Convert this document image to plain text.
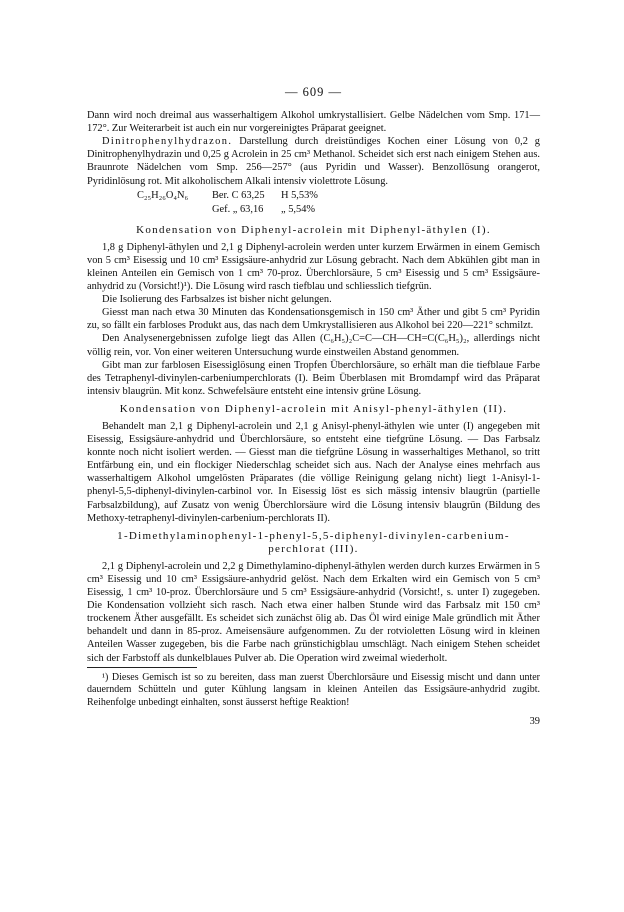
— 609 —

Dann wird noch dreimal aus wasserhaltigem Alkohol umkrystallisiert. Gelbe Nädelchen vom Smp. 171—172°. Zur Weiterarbeit ist auch ein nur vorgereinigtes Präparat geeignet.

Dinitrophenylhydrazon. Darstellung durch dreistündiges Kochen einer Lösung von 0,2 g Dinitrophenylhydrazin und 0,25 g Acrolein in 25 cm³ Methanol. Scheidet sich erst nach einigem Stehen aus. Braunrote Nädelchen vom Smp. 256—257° (aus Pyridin und Wasser). Benzollösung orangerot, Pyridinlösung rot. Mit alkoholischem Alkali intensiv violettrote Lösung.

C₂₅H₂₆O₄N₆ Ber. C 63,25 H 5,53%
Gef. „ 63,16 „ 5,54%
Kondensation von Diphenyl-acrolein mit Diphenyl-äthylen (I).

1,8 g Diphenyl-äthylen und 2,1 g Diphenyl-acrolein werden unter kurzem Erwärmen in einem Gemisch von 5 cm³ Eisessig und 10 cm³ Essigsäure-anhydrid zur Lösung gebracht. Nach dem Abkühlen gibt man in kleinen Anteilen ein Gemisch von 1 cm³ 70-proz. Überchlorsäure, 5 cm³ Eisessig und 5 cm³ Essigsäure-anhydrid zu (Vorsicht!)¹). Die Lösung wird rasch tiefblau und schliesslich tiefgrün.

Die Isolierung des Farbsalzes ist bisher nicht gelungen.

Giesst man nach etwa 30 Minuten das Kondensationsgemisch in 150 cm³ Äther und gibt 5 cm³ Pyridin zu, so fällt ein farbloses Produkt aus, das nach dem Umkrystallisieren aus Alkohol bei 220—221° schmilzt.

Den Analysenergebnissen zufolge liegt das Allen (C₆H₅)₂C=C—CH—CH=C(C₆H₅)₂, allerdings nicht völlig rein, vor. Von einer weiteren Untersuchung wurde einstweilen Abstand genommen.

Gibt man zur farblosen Eisessiglösung einen Tropfen Überchlorsäure, so erhält man die tiefblaue Farbe des Tetraphenyl-divinylen-carbeniumperchlorats (I). Beim Überblasen mit Bromdampf wird das Präparat intensiv blaugrün. Mit konz. Schwefelsäure entsteht eine intensiv grüne Lösung.

Kondensation von Diphenyl-acrolein mit Anisyl-phenyl-äthylen (II).

Behandelt man 2,1 g Diphenyl-acrolein und 2,1 g Anisyl-phenyl-äthylen wie unter (I) angegeben mit Eisessig, Essigsäure-anhydrid und Überchlorsäure, so entsteht eine tiefgrüne Lösung. — Das Farbsalz konnte noch nicht isoliert werden. — Giesst man die tiefgrüne Lösung in wasserhaltiges Methanol, so tritt Entfärbung ein, und ein flockiger Niederschlag scheidet sich aus. Nach der Analyse eines mehrfach aus wasserhaltigem Alkohol umgelösten Präparates (die völlige Reinigung gelang nicht) liegt 1-Anisyl-1-phenyl-5,5-diphenyl-divinylen-carbinol vor. In Eisessig löst es sich mässig intensiv blaugrün (partielle Farbsalzbildung), auf Zusatz von wenig Überchlorsäure wird die Lösung intensiv blaugrün (Bildung des Methoxy-tetraphenyl-divinylen-carbenium-perchlorats II).

1-Dimethylaminophenyl-1-phenyl-5,5-diphenyl-divinylen-carbenium-
perchlorat (III).

2,1 g Diphenyl-acrolein und 2,2 g Dimethylamino-diphenyl-äthylen werden durch kurzes Erwärmen in 5 cm³ Eisessig und 10 cm³ Essigsäure-anhydrid gelöst. Nach dem Erkalten wird ein Gemisch von 5 cm³ Eisessig, 1 cm³ 10-proz. Überchlorsäure und 5 cm³ Essigsäure-anhydrid (Vorsicht!, s. unter I) zugegeben. Die Kondensation vollzieht sich rasch. Nach etwa einer halben Stunde wird das Farbsalz mit 150 cm³ trockenem Äther ausgefällt. Es scheidet sich zunächst ölig ab. Das Öl wird einige Male gründlich mit Äther behandelt und dann in 85-proz. Ameisensäure aufgenommen. Zu der rotvioletten Lösung wird in kleinen Anteilen Wasser zugegeben, bis die Farbe nach grünstichigblau umschlägt. Nach einigem Stehen scheidet sich der Farbstoff als dunkelblaues Pulver ab. Die Operation wird zweimal wiederholt.

¹) Dieses Gemisch ist so zu bereiten, dass man zuerst Überchlorsäure und Eisessig mischt und dann unter dauerndem Schütteln und guter Kühlung langsam in kleinen Anteilen das Essigsäure-anhydrid zugibt. Reihenfolge unbedingt einhalten, sonst äusserst heftige Reaktion!

39
